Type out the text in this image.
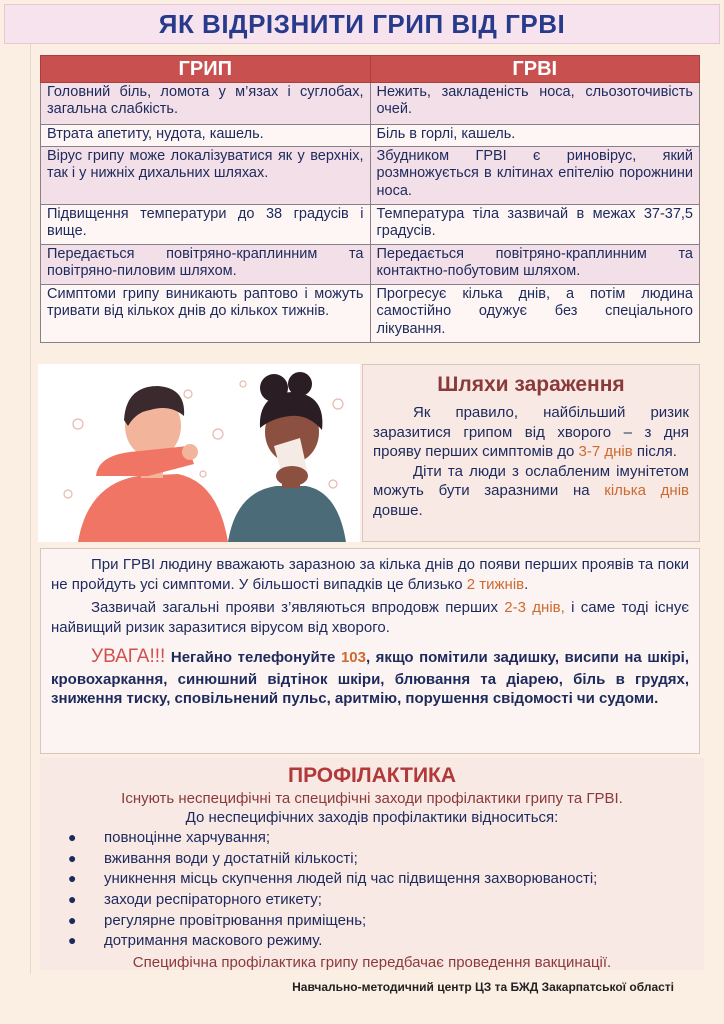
ЯК ВІДРІЗНИТИ ГРИП ВІД ГРВІ
ГРИП	ГРВІ
Головний біль, ломота у м’язах і суглобах, загальна слабкість.	Нежить, закладеність носа, сльозоточивість очей.
Втрата апетиту, нудота, кашель.	Біль в горлі, кашель.
Вірус грипу може локалізуватися як у верхніх, так і у нижніх дихальних шляхах.	Збудником ГРВІ є риновірус, який розмножується в клітинах епітелію порожнини носа.
Підвищення температури до 38 градусів і вище.	Температура тіла зазвичай в межах 37-37,5 градусів.
Передається повітряно-краплинним та повітряно-пиловим шляхом.	Передається повітряно-краплинним та контактно-побутовим шляхом.
Симптоми грипу виникають раптово і можуть тривати від кількох днів до кількох тижнів.	Прогресує кілька днів, а потім людина самостійно одужує без спеціального лікування.
Шляхи зараження

Як правило, найбільший ризик заразитися грипом від хворого – з дня прояву перших симптомів до 3-7 днів після.

Діти та люди з ослабленим імунітетом можуть бути заразними на кілька днів довше.

При ГРВІ людину вважають заразною за кілька днів до появи перших проявів та поки не пройдуть усі симптоми. У більшості випадків це близько 2 тижнів.

Зазвичай загальні прояви з’являються впродовж перших 2-3 днів, і саме тоді існує найвищий ризик заразитися вірусом від хворого.

УВАГА!!! Негайно телефонуйте 103, якщо помітили задишку, висипи на шкірі, кровохаркання, синюшний відтінок шкіри, блювання та діарею, біль в грудях, зниження тиску, сповільнений пульс, аритмію, порушення свідомості чи судоми.

ПРОФІЛАКТИКА
Існують неспецифічні та специфічні заходи профілактики грипу та ГРВІ.
До неспецифічних заходів профілактики відноситься:
●	повноцінне харчування;
●	вживання води у достатній кількості;
●	уникнення місць скупчення людей під час підвищення захворюваності;
●	заходи респіраторного етикету;
●	регулярне провітрювання приміщень;
●	дотримання маскового режиму.
Специфічна профілактика грипу передбачає проведення вакцинації.
Навчально-методичний центр ЦЗ та БЖД Закарпатської області
